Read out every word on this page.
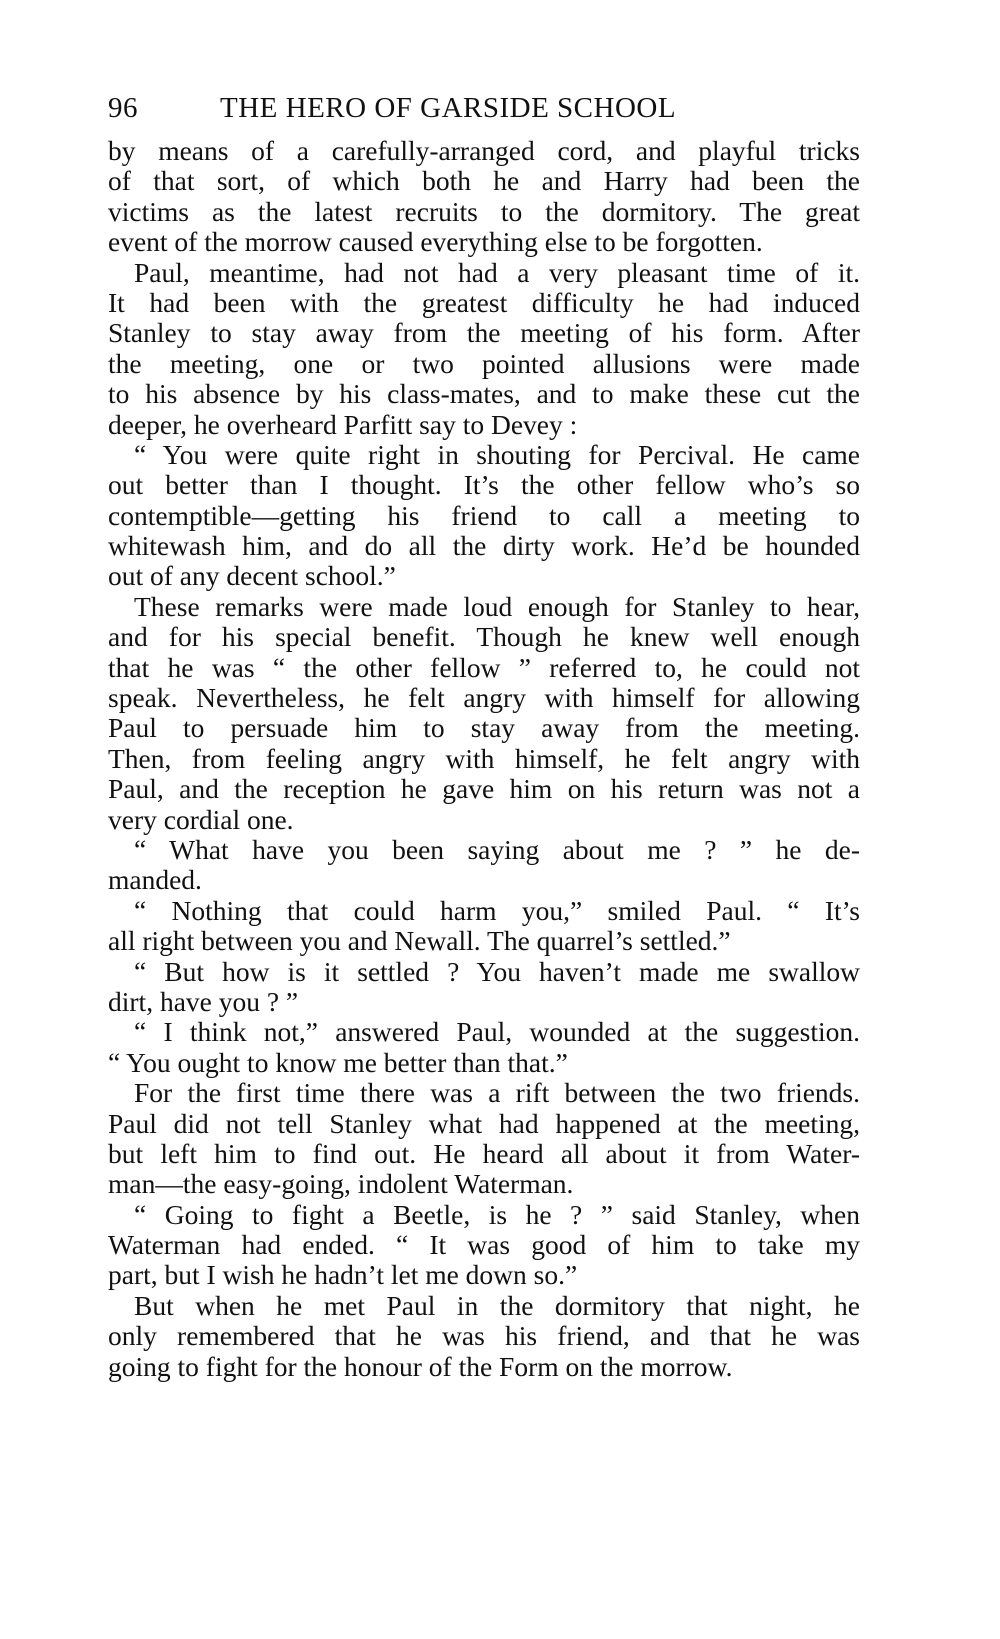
96	THE HERO OF GARSIDE SCHOOL
by means of a carefully-arranged cord, and playful tricks
of that sort, of which both he and Harry had been the
victims as the latest recruits to the dormitory. The great
event of the morrow caused everything else to be forgotten.
Paul, meantime, had not had a very pleasant time of it.
It had been with the greatest difficulty he had induced
Stanley to stay away from the meeting of his form. After
the meeting, one or two pointed allusions were made
to his absence by his class-mates, and to make these cut the
deeper, he overheard Parfitt say to Devey :
“ You were quite right in shouting for Percival. He came
out better than I thought. It’s the other fellow who’s so
contemptible—getting his friend to call a meeting to
whitewash him, and do all the dirty work. He’d be hounded
out of any decent school.”
These remarks were made loud enough for Stanley to hear,
and for his special benefit. Though he knew well enough
that he was “ the other fellow ” referred to, he could not
speak. Nevertheless, he felt angry with himself for allowing
Paul to persuade him to stay away from the meeting.
Then, from feeling angry with himself, he felt angry with
Paul, and the reception he gave him on his return was not a
very cordial one.
“ What have you been saying about me ? ” he de-
manded.
“ Nothing that could harm you,” smiled Paul. “ It’s
all right between you and Newall. The quarrel’s settled.”
“ But how is it settled ? You haven’t made me swallow
dirt, have you ? ”
“ I think not,” answered Paul, wounded at the suggestion.
“ You ought to know me better than that.”
For the first time there was a rift between the two friends.
Paul did not tell Stanley what had happened at the meeting,
but left him to find out. He heard all about it from Water-
man—the easy-going, indolent Waterman.
“ Going to fight a Beetle, is he ? ” said Stanley, when
Waterman had ended. “ It was good of him to take my
part, but I wish he hadn’t let me down so.”
But when he met Paul in the dormitory that night, he
only remembered that he was his friend, and that he was
going to fight for the honour of the Form on the morrow.
